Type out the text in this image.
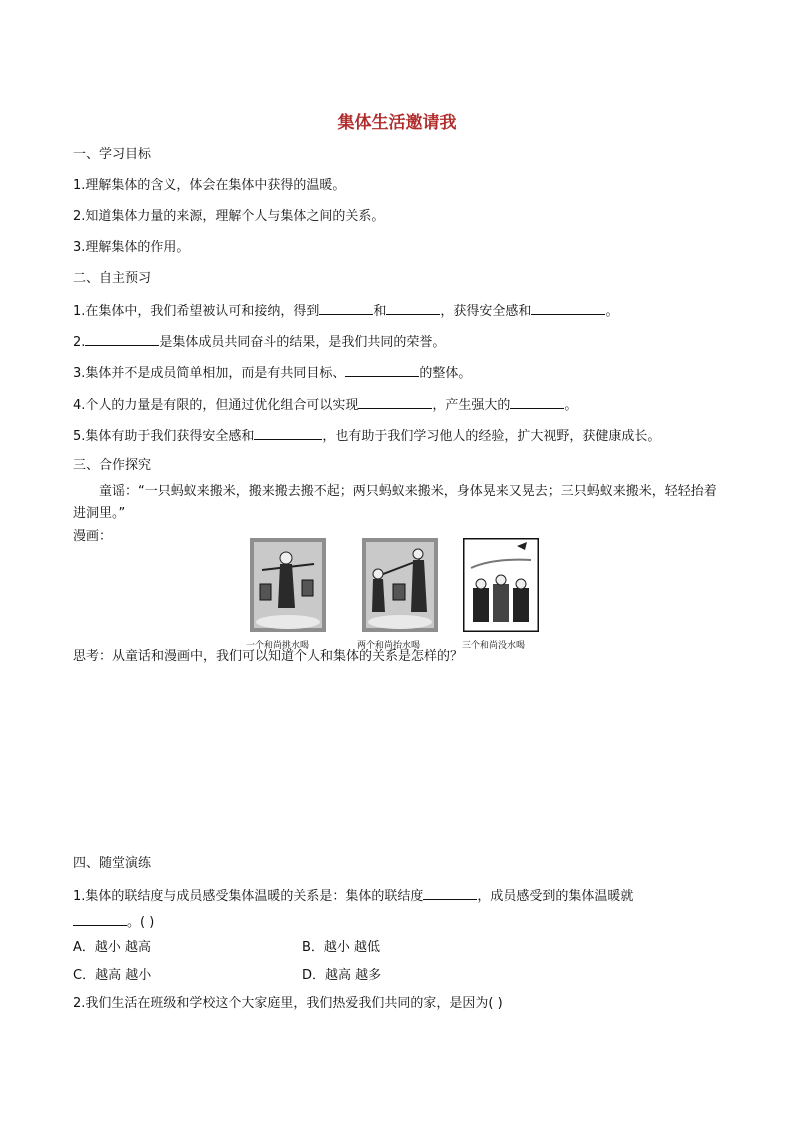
集体生活邀请我
一、学习目标
1.理解集体的含义，体会在集体中获得的温暖。
2.知道集体力量的来源，理解个人与集体之间的关系。
3.理解集体的作用。
二、自主预习
1.在集体中，我们希望被认可和接纳，得到	和	，获得安全感和	。
2.	是集体成员共同奋斗的结果，是我们共同的荣誉。
3.集体并不是成员简单相加，而是有共同目标、	的整体。
4.个人的力量是有限的，但通过优化组合可以实现	，产生强大的	。
5.集体有助于我们获得安全感和	，也有助于我们学习他人的经验，扩大视野，获健康成长。
三、合作探究
童谣：“一只蚂蚁来搬米，搬来搬去搬不起；两只蚂蚁来搬米，身体晃来又晃去；三只蚂蚁来搬米，轻轻抬着进洞里。”
漫画：
一个和尚挑水喝	两个和尚抬水喝	三个和尚没水喝
思考：从童话和漫画中，我们可以知道个人和集体的关系是怎样的？
四、随堂演练
1.集体的联结度与成员感受集体温暖的关系是：集体的联结度	，成员感受到的集体温暖就
。( )
A．越小 越高	B．越小 越低
C．越高 越小	D．越高 越多
2.我们生活在班级和学校这个大家庭里，我们热爱我们共同的家，是因为( )
